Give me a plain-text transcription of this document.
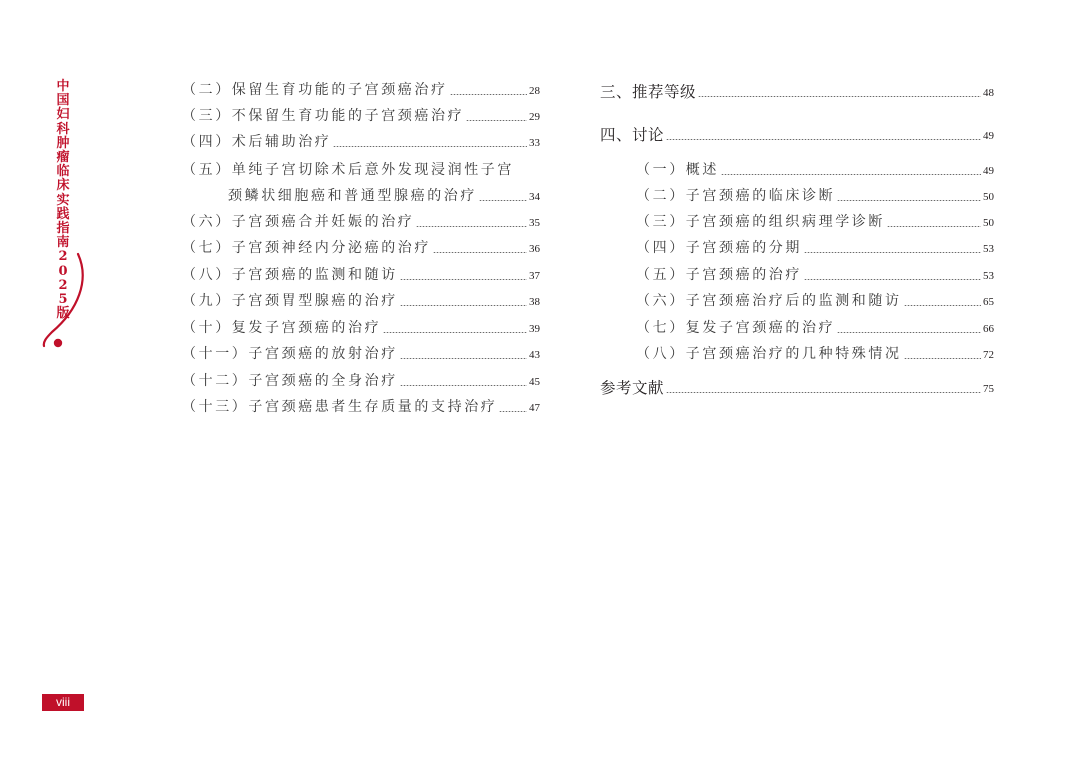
中国妇科肿瘤临床实践指南2025版
viii
（二）保留生育功能的子宫颈癌治疗	28
（三）不保留生育功能的子宫颈癌治疗	29
（四）术后辅助治疗	33
（五）单纯子宫切除术后意外发现浸润性子宫
颈鳞状细胞癌和普通型腺癌的治疗	34
（六）子宫颈癌合并妊娠的治疗	35
（七）子宫颈神经内分泌癌的治疗	36
（八）子宫颈癌的监测和随访	37
（九）子宫颈胃型腺癌的治疗	38
（十）复发子宫颈癌的治疗	39
（十一）子宫颈癌的放射治疗	43
（十二）子宫颈癌的全身治疗	45
（十三）子宫颈癌患者生存质量的支持治疗	47
三、推荐等级	48
四、讨论	49
（一）概述	49
（二）子宫颈癌的临床诊断	50
（三）子宫颈癌的组织病理学诊断	50
（四）子宫颈癌的分期	53
（五）子宫颈癌的治疗	53
（六）子宫颈癌治疗后的监测和随访	65
（七）复发子宫颈癌的治疗	66
（八）子宫颈癌治疗的几种特殊情况	72
参考文献	75
